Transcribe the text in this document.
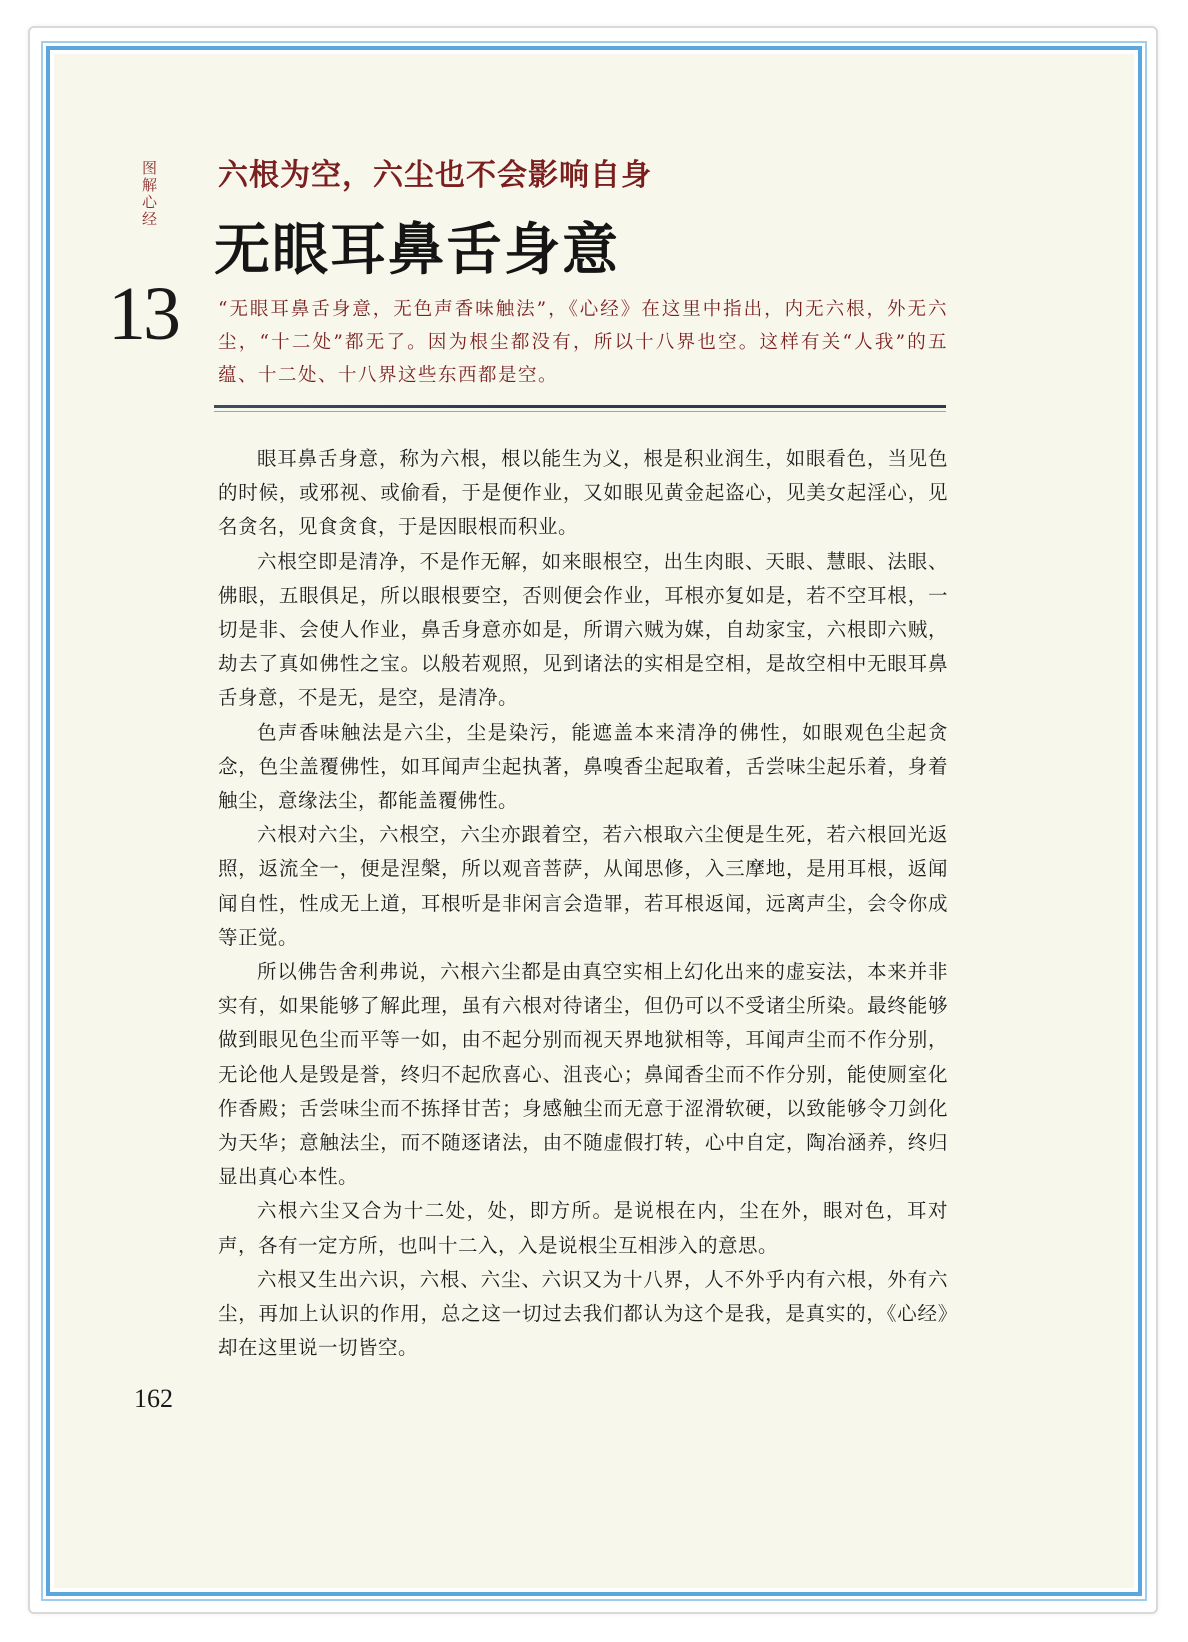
图解心经
13
六根为空，六尘也不会影响自身
无眼耳鼻舌身意
“无眼耳鼻舌身意，无色声香味触法”，《心经》在这里中指出，内无六根，外无六尘，“十二处”都无了。因为根尘都没有，所以十八界也空。这样有关“人我”的五蕴、十二处、十八界这些东西都是空。

眼耳鼻舌身意，称为六根，根以能生为义，根是积业润生，如眼看色，当见色的时候，或邪视、或偷看，于是便作业，又如眼见黄金起盗心，见美女起淫心，见名贪名，见食贪食，于是因眼根而积业。

六根空即是清净，不是作无解，如来眼根空，出生肉眼、天眼、慧眼、法眼、佛眼，五眼俱足，所以眼根要空，否则便会作业，耳根亦复如是，若不空耳根，一切是非、会使人作业，鼻舌身意亦如是，所谓六贼为媒，自劫家宝，六根即六贼，劫去了真如佛性之宝。以般若观照，见到诸法的实相是空相，是故空相中无眼耳鼻舌身意，不是无，是空，是清净。

色声香味触法是六尘，尘是染污，能遮盖本来清净的佛性，如眼观色尘起贪念，色尘盖覆佛性，如耳闻声尘起执著，鼻嗅香尘起取着，舌尝味尘起乐着，身着触尘，意缘法尘，都能盖覆佛性。

六根对六尘，六根空，六尘亦跟着空，若六根取六尘便是生死，若六根回光返照，返流全一，便是涅槃，所以观音菩萨，从闻思修，入三摩地，是用耳根，返闻闻自性，性成无上道，耳根听是非闲言会造罪，若耳根返闻，远离声尘，会令你成等正觉。

所以佛告舍利弗说，六根六尘都是由真空实相上幻化出来的虚妄法，本来并非实有，如果能够了解此理，虽有六根对待诸尘，但仍可以不受诸尘所染。最终能够做到眼见色尘而平等一如，由不起分别而视天界地狱相等，耳闻声尘而不作分别，无论他人是毁是誉，终归不起欣喜心、沮丧心；鼻闻香尘而不作分别，能使厕室化作香殿；舌尝味尘而不拣择甘苦；身感触尘而无意于涩滑软硬，以致能够令刀剑化为天华；意触法尘，而不随逐诸法，由不随虚假打转，心中自定，陶冶涵养，终归显出真心本性。

六根六尘又合为十二处，处，即方所。是说根在内，尘在外，眼对色，耳对声，各有一定方所，也叫十二入，入是说根尘互相涉入的意思。

六根又生出六识，六根、六尘、六识又为十八界，人不外乎内有六根，外有六尘，再加上认识的作用，总之这一切过去我们都认为这个是我，是真实的，《心经》却在这里说一切皆空。

162
